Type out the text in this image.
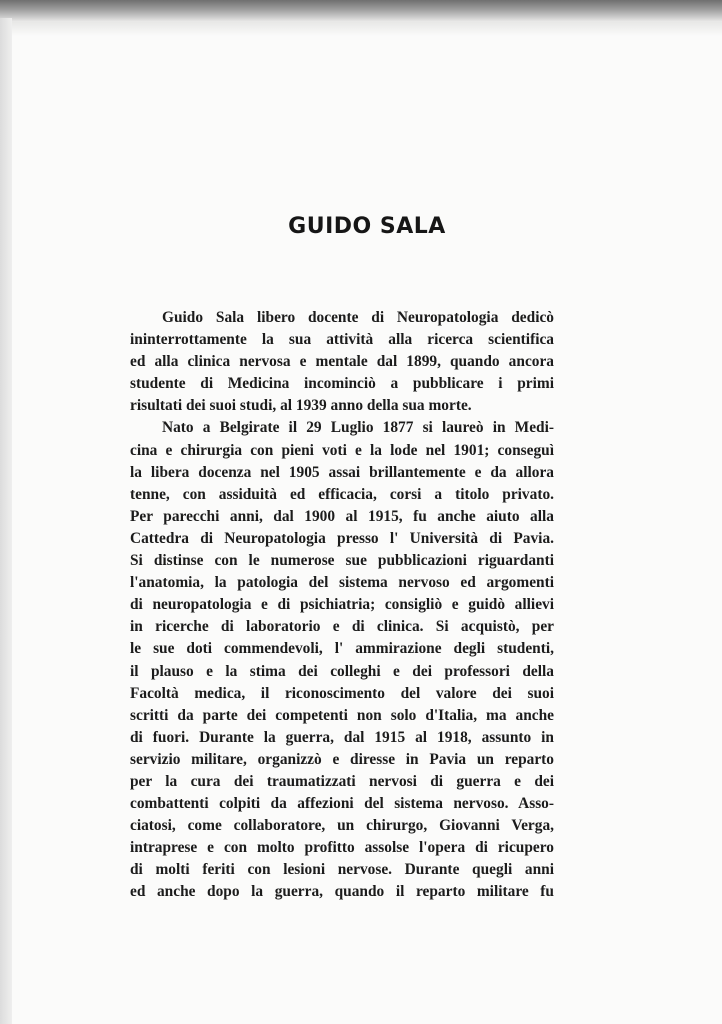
GUIDO SALA
Guido Sala libero docente di Neuropatologia dedicò
ininterrottamente la sua attività alla ricerca scientifica
ed alla clinica nervosa e mentale dal 1899, quando ancora
studente di Medicina incominciò a pubblicare i primi
risultati dei suoi studi, al 1939 anno della sua morte.
Nato a Belgirate il 29 Luglio 1877 si laureò in Medi-
cina e chirurgia con pieni voti e la lode nel 1901; conseguì
la libera docenza nel 1905 assai brillantemente e da allora
tenne, con assiduità ed efficacia, corsi a titolo privato.
Per parecchi anni, dal 1900 al 1915, fu anche aiuto alla
Cattedra di Neuropatologia presso l' Università di Pavia.
Si distinse con le numerose sue pubblicazioni riguardanti
l'anatomia, la patologia del sistema nervoso ed argomenti
di neuropatologia e di psichiatria; consigliò e guidò allievi
in ricerche di laboratorio e di clinica. Si acquistò, per
le sue doti commendevoli, l' ammirazione degli studenti,
il plauso e la stima dei colleghi e dei professori della
Facoltà medica, il riconoscimento del valore dei suoi
scritti da parte dei competenti non solo d'Italia, ma anche
di fuori. Durante la guerra, dal 1915 al 1918, assunto in
servizio militare, organizzò e diresse in Pavia un reparto
per la cura dei traumatizzati nervosi di guerra e dei
combattenti colpiti da affezioni del sistema nervoso. Asso-
ciatosi, come collaboratore, un chirurgo, Giovanni Verga,
intraprese e con molto profitto assolse l'opera di ricupero
di molti feriti con lesioni nervose. Durante quegli anni
ed anche dopo la guerra, quando il reparto militare fu
